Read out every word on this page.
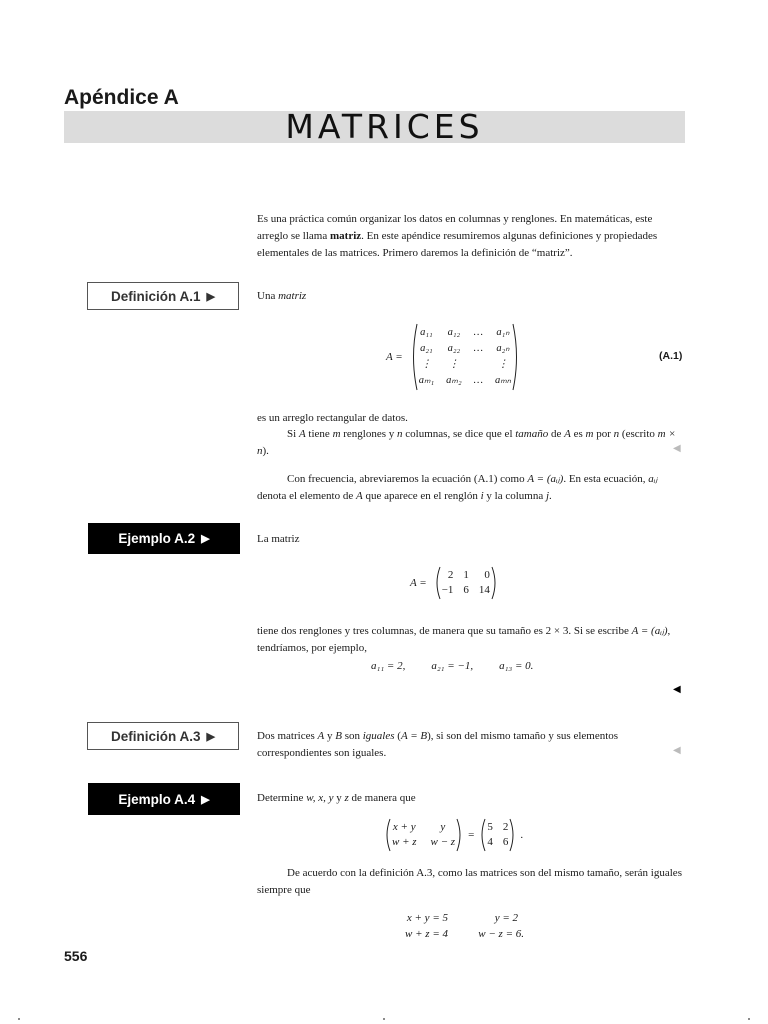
Apéndice A
MATRICES
Es una práctica común organizar los datos en columnas y renglones. En matemáticas, este arreglo se llama matriz. En este apéndice resumiremos algunas definiciones y propiedades elementales de las matrices. Primero daremos la definición de “matriz”.
Definición A.1 ▶	Una matriz
A =
a₁₁ a₁₂ … a₁ₙ
a₂₁ a₂₂ … a₂ₙ
⋮ ⋮	⋮
aₘ₁ aₘ₂ … aₘₙ
(A.1)
es un arreglo rectangular de datos.
Si A tiene m renglones y n columnas, se dice que el tamaño de A es m por n (escrito m × n).	◀
Con frecuencia, abreviaremos la ecuación (A.1) como A = (aᵢⱼ). En esta ecuación, aᵢⱼ denota el elemento de A que aparece en el renglón i y la columna j.
Ejemplo A.2 ▶	La matriz
A =
2 1	0
−1 6 14
tiene dos renglones y tres columnas, de manera que su tamaño es 2 × 3. Si se escribe A = (aᵢⱼ), tendríamos, por ejemplo,
a₁₁ = 2, a₂₁ = −1, a₁₃ = 0.
◀
Definición A.3 ▶	Dos matrices A y B son iguales (A = B), si son del mismo tamaño y sus elementos correspondientes son iguales.	◀
Ejemplo A.4 ▶	Determine w, x, y y z de manera que
x + y	y
w + z w − z
=
5 2
4 6
.
De acuerdo con la definición A.3, como las matrices son del mismo tamaño, serán iguales siempre que
x + y = 5	y = 2
w + z = 4	w − z = 6.
556
